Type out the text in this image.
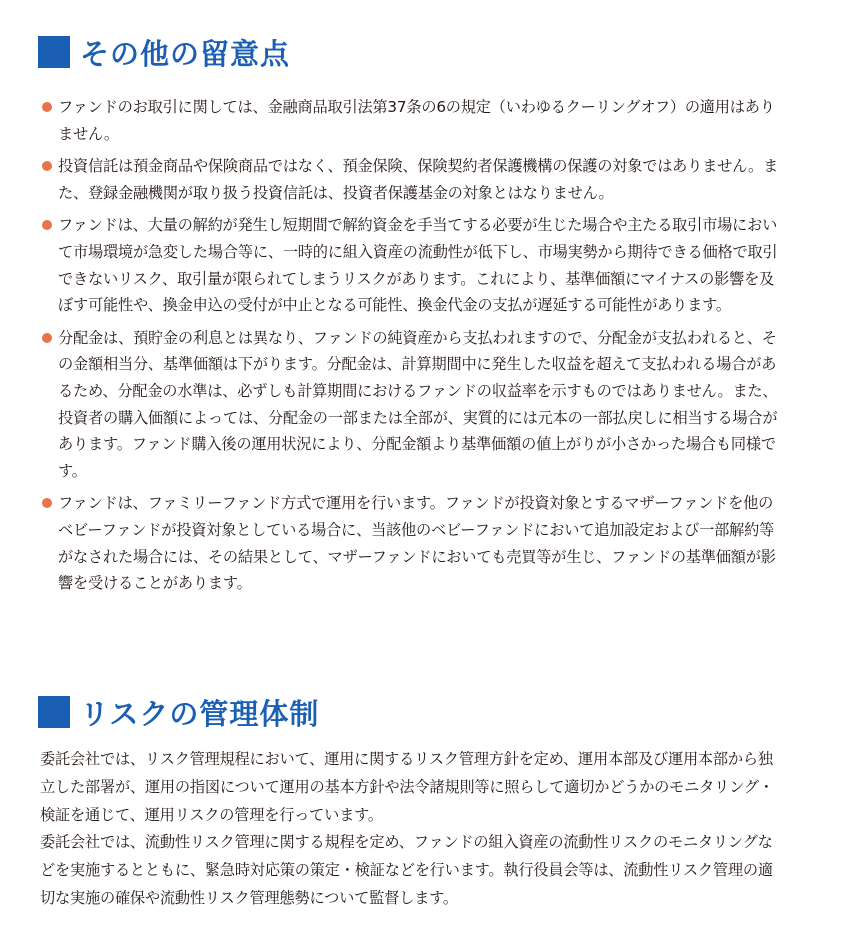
その他の留意点
ファンドのお取引に関しては、金融商品取引法第37条の6の規定（いわゆるクーリングオフ）の適用はありません。
投資信託は預金商品や保険商品ではなく、預金保険、保険契約者保護機構の保護の対象ではありません。また、登録金融機関が取り扱う投資信託は、投資者保護基金の対象とはなりません。
ファンドは、大量の解約が発生し短期間で解約資金を手当てする必要が生じた場合や主たる取引市場において市場環境が急変した場合等に、一時的に組入資産の流動性が低下し、市場実勢から期待できる価格で取引できないリスク、取引量が限られてしまうリスクがあります。これにより、基準価額にマイナスの影響を及ぼす可能性や、換金申込の受付が中止となる可能性、換金代金の支払が遅延する可能性があります。
分配金は、預貯金の利息とは異なり、ファンドの純資産から支払われますので、分配金が支払われると、その金額相当分、基準価額は下がります。分配金は、計算期間中に発生した収益を超えて支払われる場合があるため、分配金の水準は、必ずしも計算期間におけるファンドの収益率を示すものではありません。また、投資者の購入価額によっては、分配金の一部または全部が、実質的には元本の一部払戻しに相当する場合があります。ファンド購入後の運用状況により、分配金額より基準価額の値上がりが小さかった場合も同様です。
ファンドは、ファミリーファンド方式で運用を行います。ファンドが投資対象とするマザーファンドを他のベビーファンドが投資対象としている場合に、当該他のベビーファンドにおいて追加設定および一部解約等がなされた場合には、その結果として、マザーファンドにおいても売買等が生じ、ファンドの基準価額が影響を受けることがあります。
リスクの管理体制

委託会社では、リスク管理規程において、運用に関するリスク管理方針を定め、運用本部及び運用本部から独立した部署が、運用の指図について運用の基本方針や法令諸規則等に照らして適切かどうかのモニタリング・検証を通じて、運用リスクの管理を行っています。

委託会社では、流動性リスク管理に関する規程を定め、ファンドの組入資産の流動性リスクのモニタリングなどを実施するとともに、緊急時対応策の策定・検証などを行います。執行役員会等は、流動性リスク管理の適切な実施の確保や流動性リスク管理態勢について監督します。
